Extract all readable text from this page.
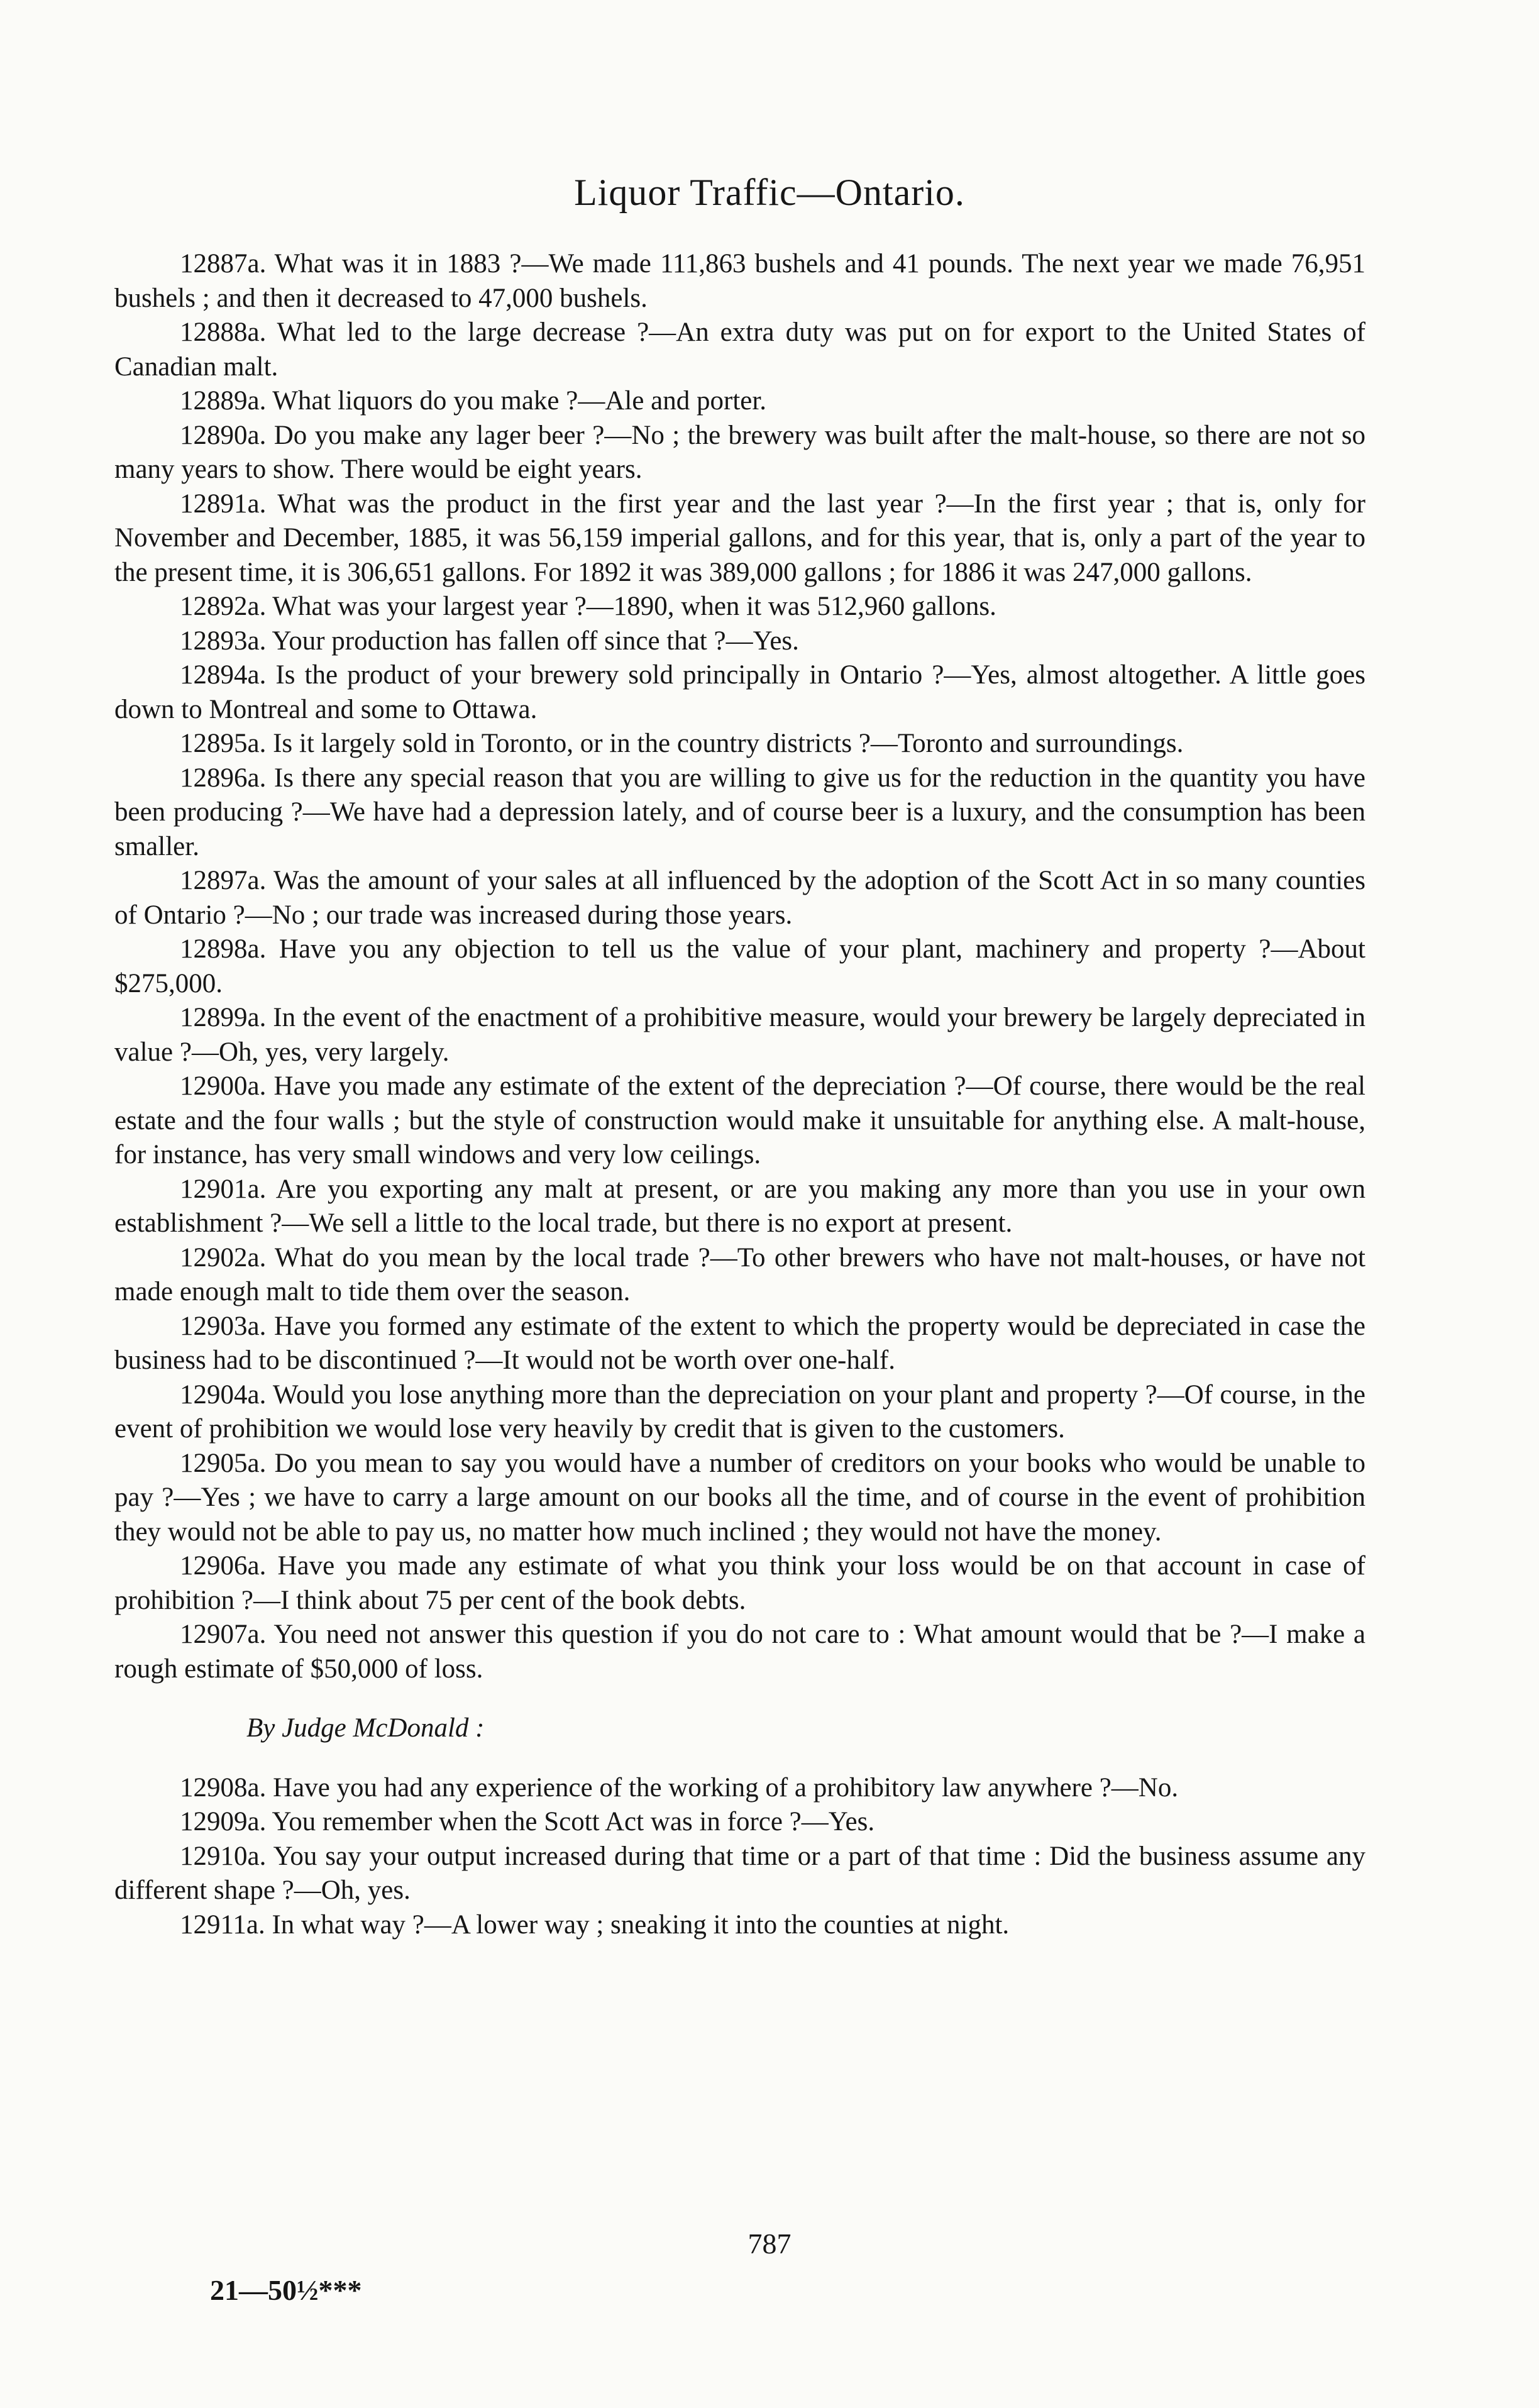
Liquor Traffic—Ontario.

12887a. What was it in 1883 ?—We made 111,863 bushels and 41 pounds. The next year we made 76,951 bushels ; and then it decreased to 47,000 bushels.

12888a. What led to the large decrease ?—An extra duty was put on for export to the United States of Canadian malt.

12889a. What liquors do you make ?—Ale and porter.

12890a. Do you make any lager beer ?—No ; the brewery was built after the malt-house, so there are not so many years to show. There would be eight years.

12891a. What was the product in the first year and the last year ?—In the first year ; that is, only for November and December, 1885, it was 56,159 imperial gallons, and for this year, that is, only a part of the year to the present time, it is 306,651 gallons. For 1892 it was 389,000 gallons ; for 1886 it was 247,000 gallons.

12892a. What was your largest year ?—1890, when it was 512,960 gallons.

12893a. Your production has fallen off since that ?—Yes.

12894a. Is the product of your brewery sold principally in Ontario ?—Yes, almost altogether. A little goes down to Montreal and some to Ottawa.

12895a. Is it largely sold in Toronto, or in the country districts ?—Toronto and surroundings.

12896a. Is there any special reason that you are willing to give us for the reduction in the quantity you have been producing ?—We have had a depression lately, and of course beer is a luxury, and the consumption has been smaller.

12897a. Was the amount of your sales at all influenced by the adoption of the Scott Act in so many counties of Ontario ?—No ; our trade was increased during those years.

12898a. Have you any objection to tell us the value of your plant, machinery and property ?—About $275,000.

12899a. In the event of the enactment of a prohibitive measure, would your brewery be largely depreciated in value ?—Oh, yes, very largely.

12900a. Have you made any estimate of the extent of the depreciation ?—Of course, there would be the real estate and the four walls ; but the style of construction would make it unsuitable for anything else. A malt-house, for instance, has very small windows and very low ceilings.

12901a. Are you exporting any malt at present, or are you making any more than you use in your own establishment ?—We sell a little to the local trade, but there is no export at present.

12902a. What do you mean by the local trade ?—To other brewers who have not malt-houses, or have not made enough malt to tide them over the season.

12903a. Have you formed any estimate of the extent to which the property would be depreciated in case the business had to be discontinued ?—It would not be worth over one-half.

12904a. Would you lose anything more than the depreciation on your plant and property ?—Of course, in the event of prohibition we would lose very heavily by credit that is given to the customers.

12905a. Do you mean to say you would have a number of creditors on your books who would be unable to pay ?—Yes ; we have to carry a large amount on our books all the time, and of course in the event of prohibition they would not be able to pay us, no matter how much inclined ; they would not have the money.

12906a. Have you made any estimate of what you think your loss would be on that account in case of prohibition ?—I think about 75 per cent of the book debts.

12907a. You need not answer this question if you do not care to : What amount would that be ?—I make a rough estimate of $50,000 of loss.

By Judge McDonald :

12908a. Have you had any experience of the working of a prohibitory law anywhere ?—No.

12909a. You remember when the Scott Act was in force ?—Yes.

12910a. You say your output increased during that time or a part of that time : Did the business assume any different shape ?—Oh, yes.

12911a. In what way ?—A lower way ; sneaking it into the counties at night.

787
21—50½***
